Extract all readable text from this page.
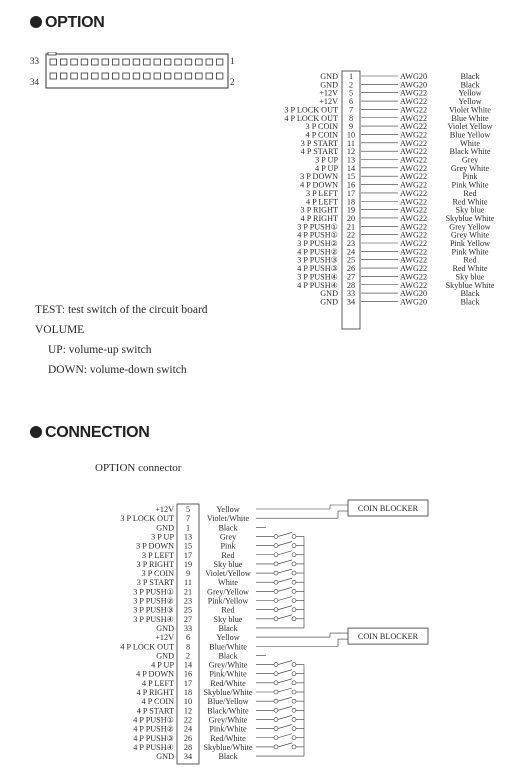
OPTION
33	1
34	2
GND 1	AWG20	Black
GND 2	AWG20	Black
+12V 5	AWG22	Yellow
+12V 6	AWG22	Yellow
3 P LOCK OUT 7	AWG22	Violet White
4 P LOCK OUT 8	AWG22	Blue White
3 P COIN 9	AWG22 Violet Yellow
4 P COIN 10	AWG22	Blue Yellow
3 P START 11	AWG22	White
4 P START 12	AWG22	Black White
3 P UP 13	AWG22	Grey
4 P UP 14	AWG22	Grey White
3 P DOWN 15	AWG22	Pink
4 P DOWN 16	AWG22	Pink White
3 P LEFT 17	AWG22	Red
4 P LEFT 18	AWG22	Red White
3 P RIGHT 19	AWG22	Sky blue
4 P RIGHT 20	AWG22 Skyblue White
3 P PUSH① 21	AWG22	Grey Yellow
4 P PUSH① 22	AWG22	Grey White
3 P PUSH② 23	AWG22	Pink Yellow
4 P PUSH② 24	AWG22	Pink White
3 P PUSH③ 25	AWG22	Red
4 P PUSH③ 26	AWG22	Red White
3 P PUSH④ 27	AWG22	Sky blue
4 P PUSH④ 28	AWG22 Skyblue White
GND 33	AWG20	Black
GND 34	AWG20	Black
TEST: test switch of the circuit board
VOLUME
UP: volume-up switch
DOWN: volume-down switch
CONNECTION
OPTION connector
+12V 5	Yellow
3 P LOCK OUT 7 Violet/White
GND 1	Black
3 P UP 13	Grey
3 P DOWN 15	Pink
3 P LEFT 17	Red
3 P RIGHT 19	Sky blue
3 P COIN 9 Violet/Yellow
3 P START 11	White
3 P PUSH① 21 Grey/Yellow
3 P PUSH② 23 Pink/Yellow
3 P PUSH③ 25	Red
3 P PUSH④ 27	Sky blue
GND 33	Black
+12V 6	Yellow
4 P LOCK OUT 8 Blue/White
GND 2	Black
4 P UP 14 Grey/White
4 P DOWN 16 Pink/White
4 P LEFT 17 Red/White
4 P RIGHT 18 Skyblue/White
4 P COIN 10 Blue/Yellow
4 P START 12 Black/White
4 P PUSH① 22 Grey/White
4 P PUSH② 24 Pink/White
4 P PUSH③ 26 Red/White
4 P PUSH④ 28 Skyblue/White
GND 34	Black
COIN BLOCKER
COIN BLOCKER
